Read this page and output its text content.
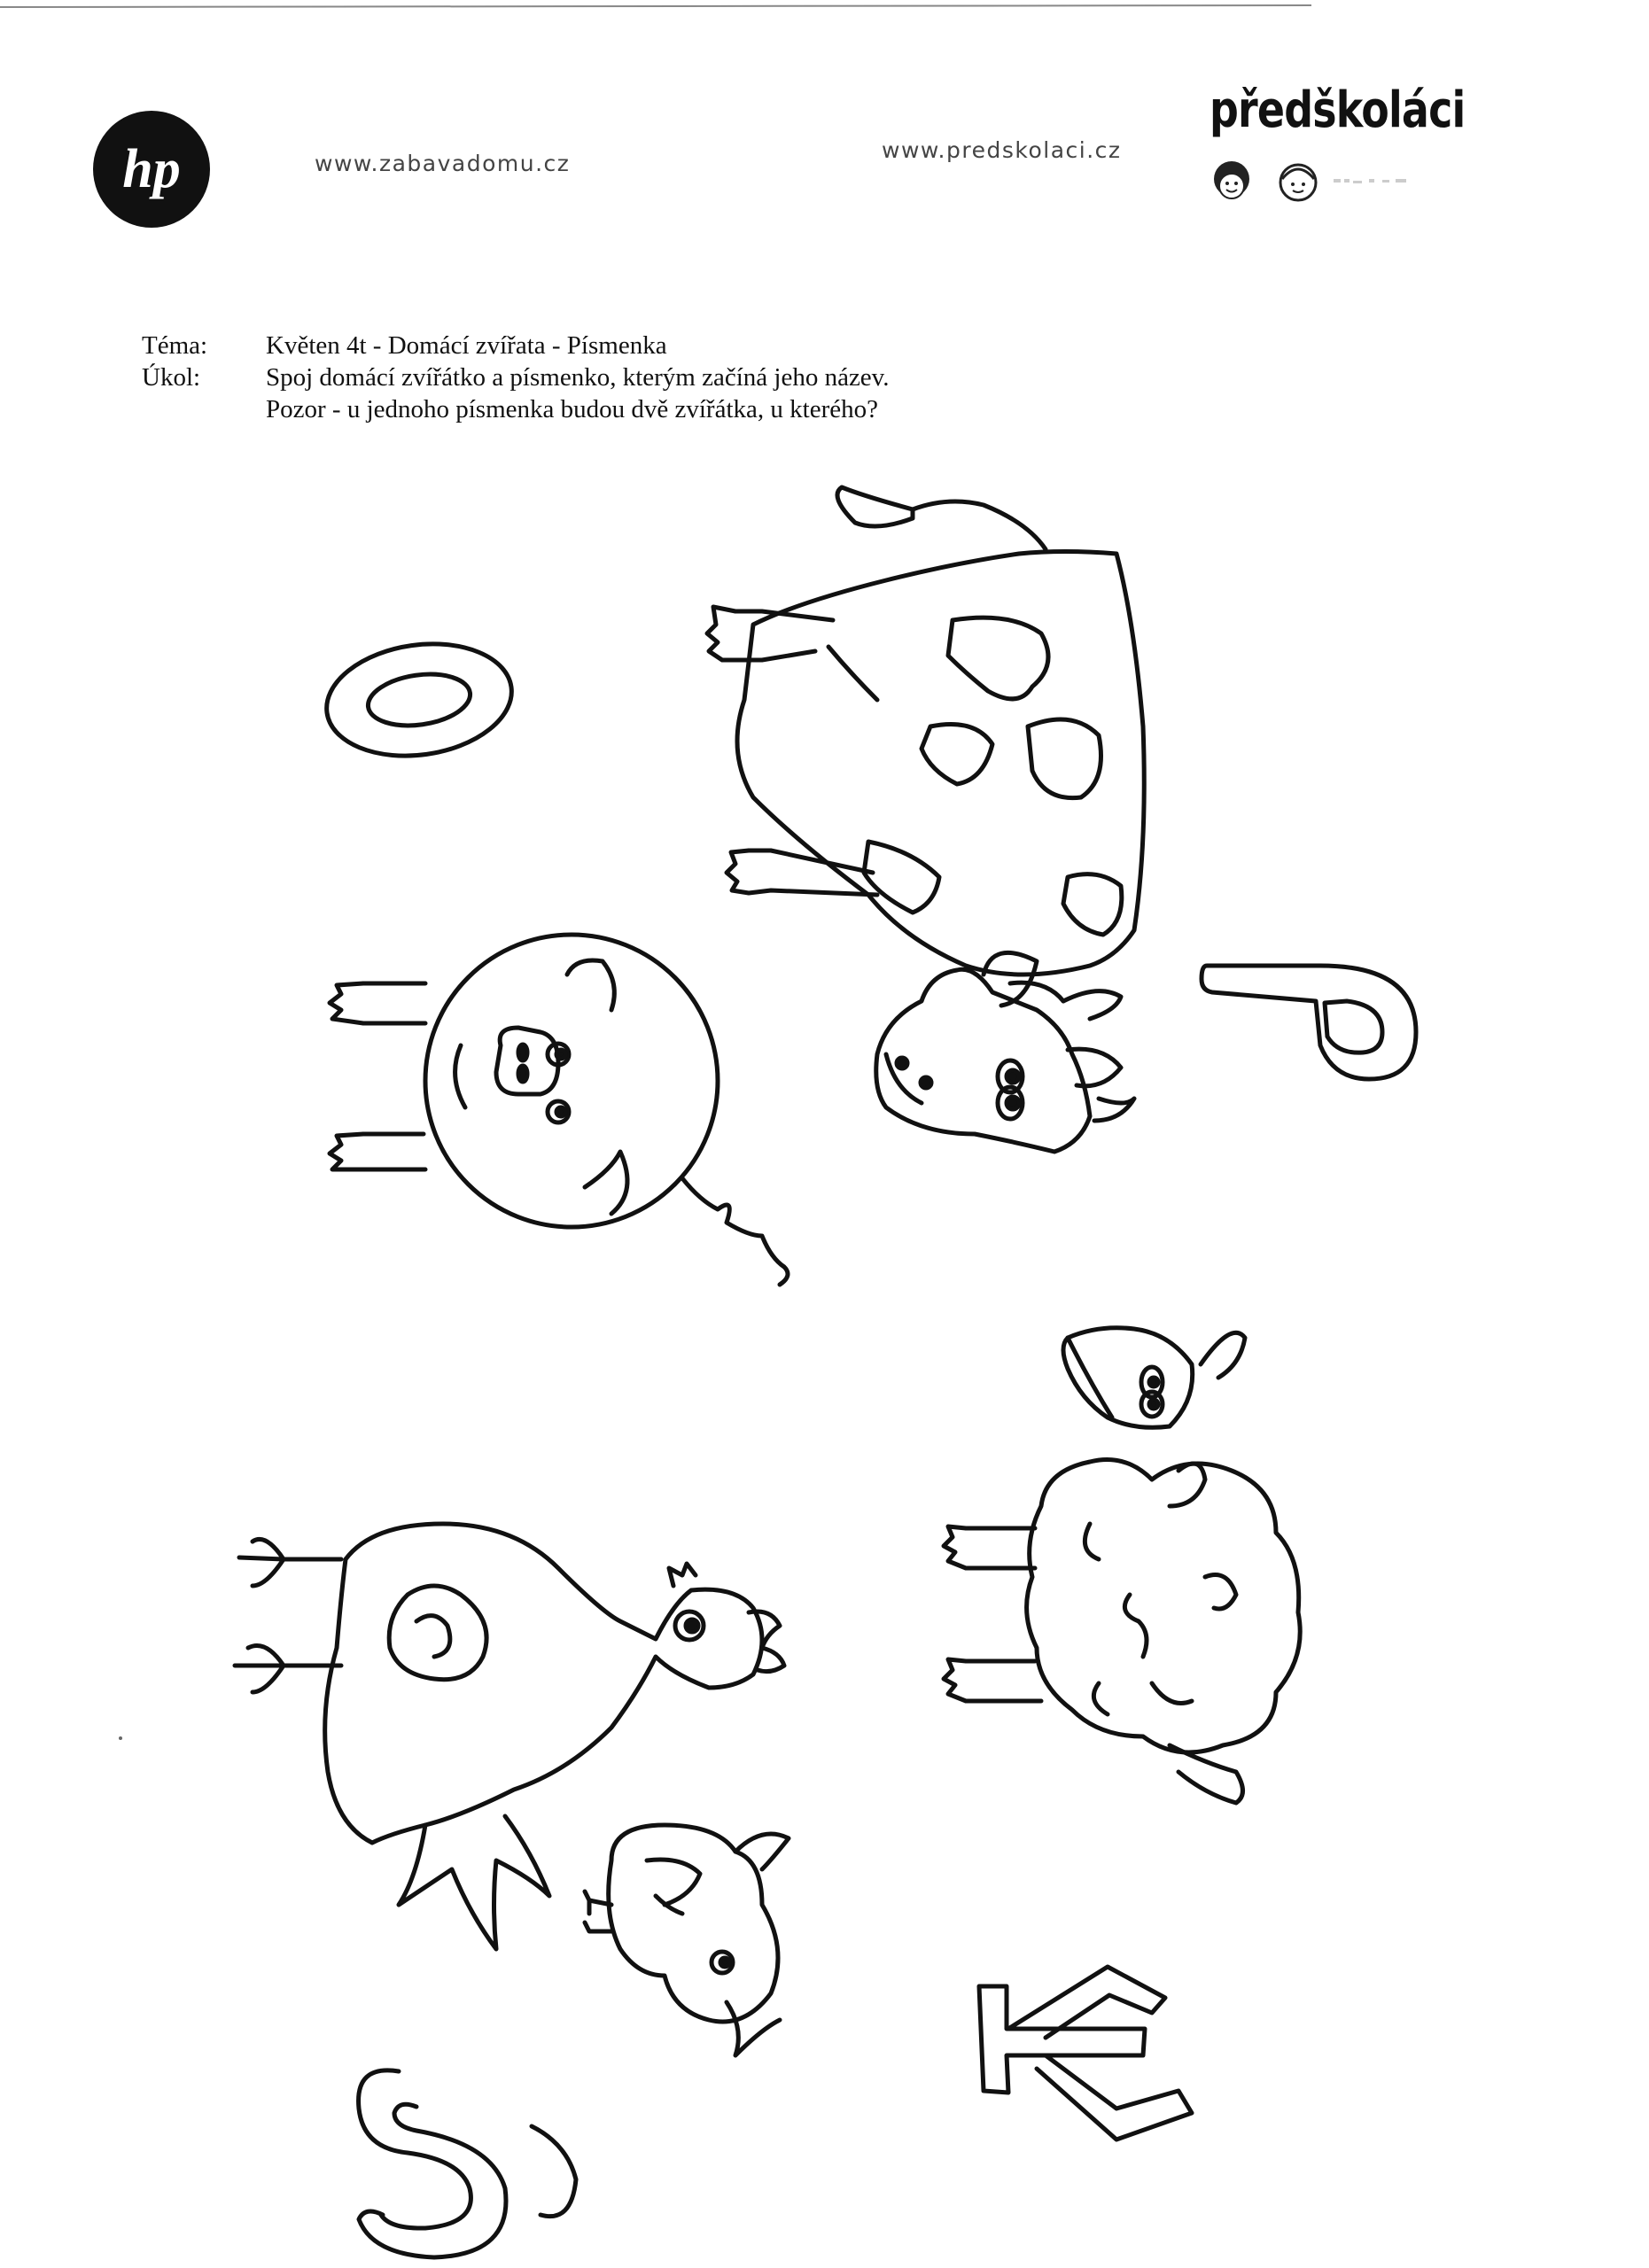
hp	www.zabavadomu.cz
www.predskolaci.cz
předškoláci
Téma:	Květen 4t - Domácí zvířata - Písmenka
Úkol:	Spoj domácí zvířátko a písmenko, kterým začíná jeho název.
Pozor - u jednoho písmenka budou dvě zvířátka, u kterého?
